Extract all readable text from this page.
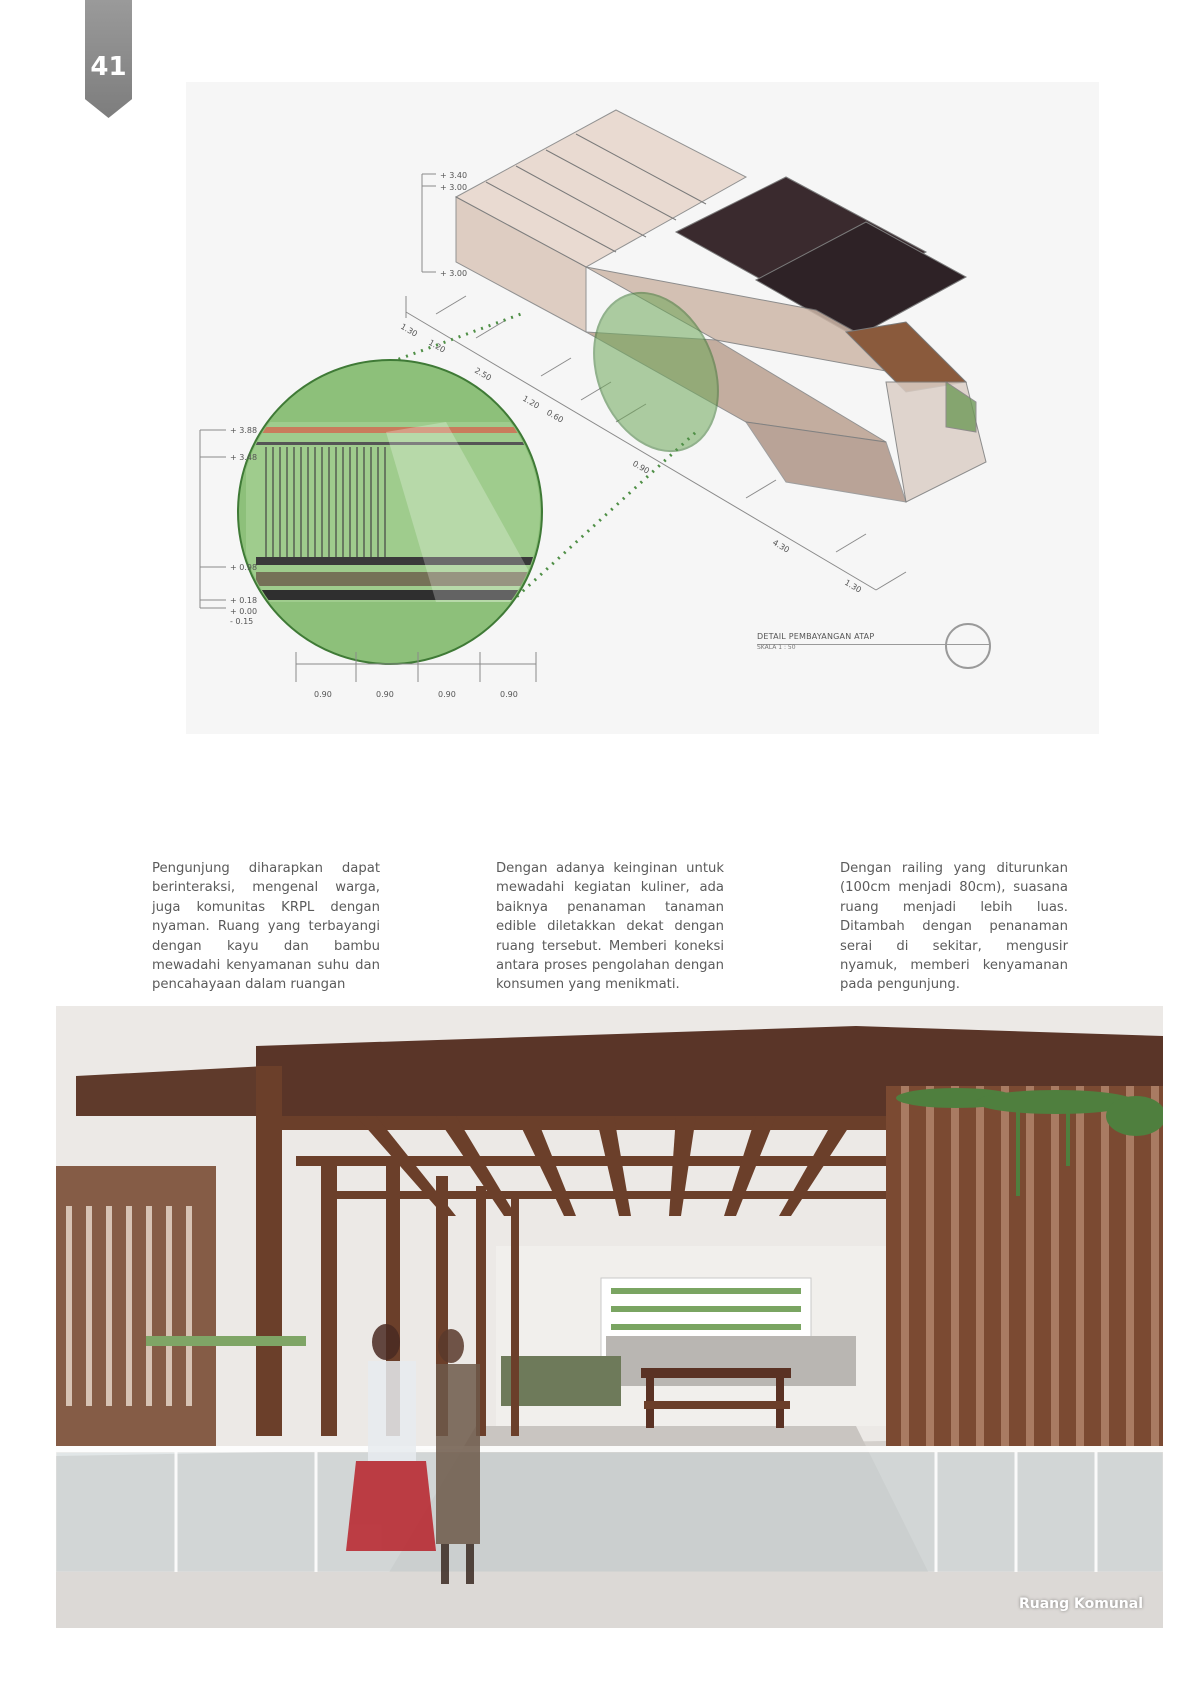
41
+ 3.88
+ 3.48
+ 0.98
+ 0.18
+ 0.00
- 0.15
0.90	0.90	0.90	0.90
1.30
1.20
2.50
1.20
0.60
0.90
4.30
1.30
+ 3.40
+ 3.00
+ 3.00
DETAIL PEMBAYANGAN ATAP
SKALA 1 : 50
Pengunjung diharapkan dapat berinteraksi, mengenal warga, juga komunitas KRPL dengan nyaman. Ruang yang terbayangi dengan kayu dan bambu mewadahi kenyamanan suhu dan pencahayaan dalam ruangan
Dengan adanya keinginan untuk mewadahi kegiatan kuliner, ada baiknya penanaman tanaman edible diletakkan dekat dengan ruang tersebut. Memberi koneksi antara proses pengolahan dengan konsumen yang menikmati.
Dengan railing yang diturunkan (100cm menjadi 80cm), suasana ruang menjadi lebih luas. Ditambah dengan penanaman serai di sekitar, mengusir nyamuk, memberi kenyamanan pada pengunjung.
Ruang Komunal
